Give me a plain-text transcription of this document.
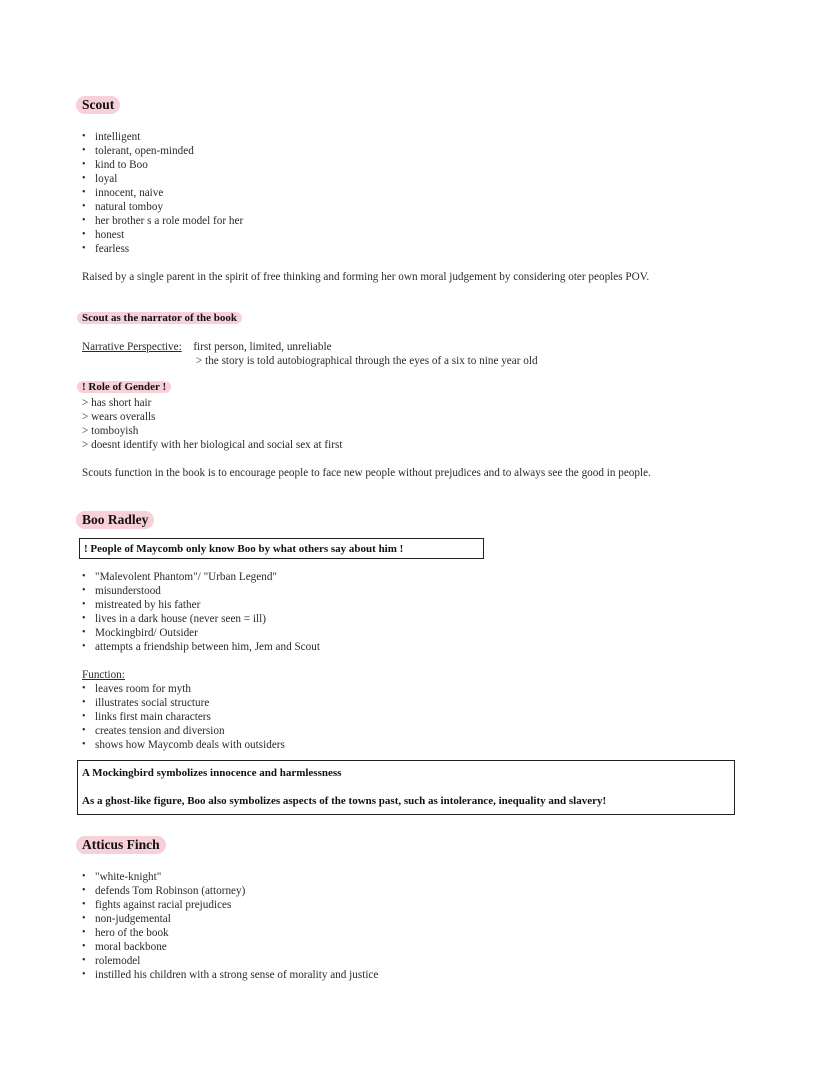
Scout
• intelligent
• tolerant, open-minded
• kind to Boo
• loyal
• innocent, naive
• natural tomboy
• her brother s a role model for her
• honest
• fearless
Raised by a single parent in the spirit of free thinking and forming her own moral judgement by considering oter peoples POV.
Scout as the narrator of the book
Narrative Perspective: first person, limited, unreliable
> the story is told autobiographical through the eyes of a six to nine year old
! Role of Gender !
> has short hair
> wears overalls
> tomboyish
> doesnt identify with her biological and social sex at first
Scouts function in the book is to encourage people to face new people without prejudices and to always see the good in people.
Boo Radley
! People of Maycomb only know Boo by what others say about him !
• "Malevolent Phantom"/ "Urban Legend"
• misunderstood
• mistreated by his father
• lives in a dark house (never seen = ill)
• Mockingbird/ Outsider
• attempts a friendship between him, Jem and Scout
Function:
• leaves room for myth
• illustrates social structure
• links first main characters
• creates tension and diversion
• shows how Maycomb deals with outsiders
A Mockingbird symbolizes innocence and harmlessness
As a ghost-like figure, Boo also symbolizes aspects of the towns past, such as intolerance, inequality and slavery!
Atticus Finch
• "white-knight"
• defends Tom Robinson (attorney)
• fights against racial prejudices
• non-judgemental
• hero of the book
• moral backbone
• rolemodel
• instilled his children with a strong sense of morality and justice
